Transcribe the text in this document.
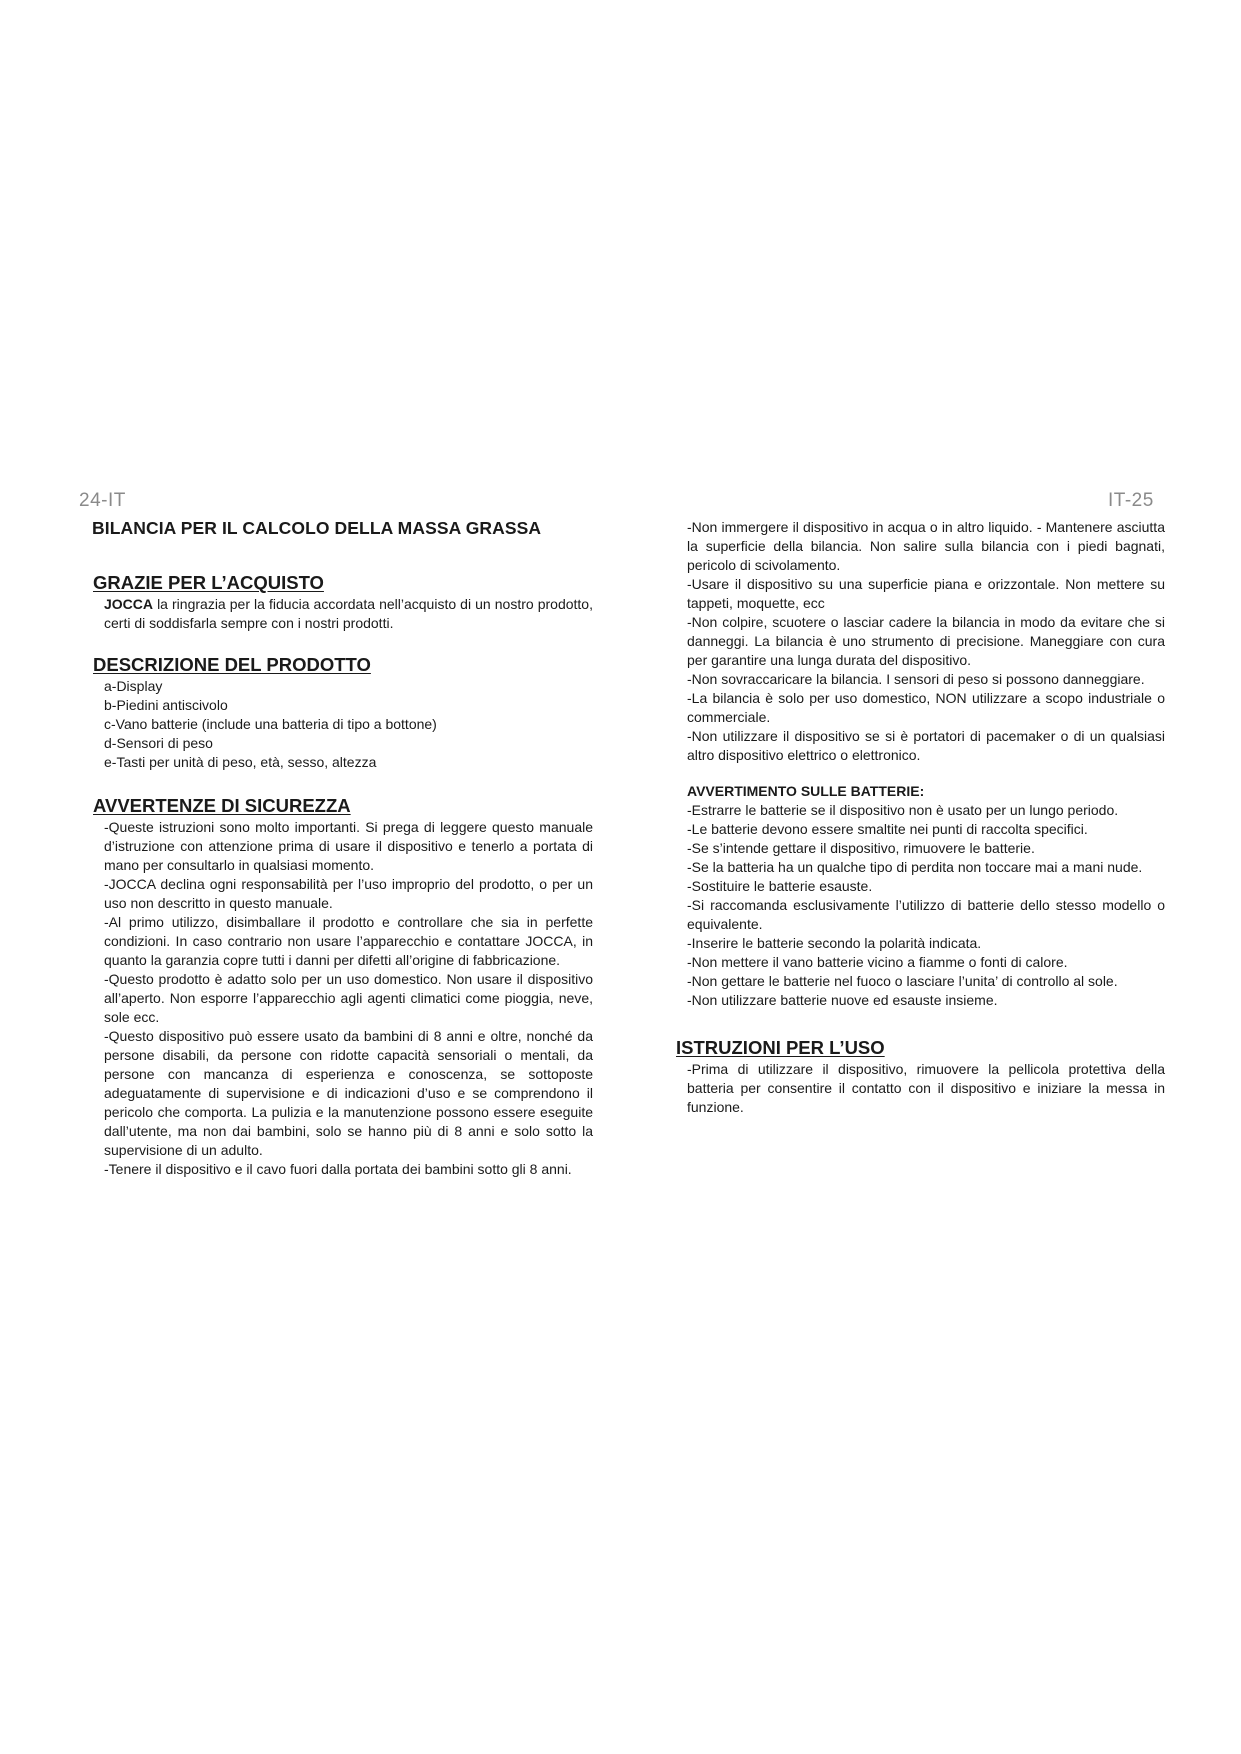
24-IT	IT-25
BILANCIA PER IL CALCOLO DELLA MASSA GRASSA
GRAZIE PER L’ACQUISTO

JOCCA la ringrazia per la fiducia accordata nell’acquisto di un nostro prodotto, certi di soddisfarla sempre con i nostri prodotti.

DESCRIZIONE DEL PRODOTTO

a-Display

b-Piedini antiscivolo

c-Vano batterie (include una batteria di tipo a bottone)

d-Sensori di peso

e-Tasti per unità di peso, età, sesso, altezza

AVVERTENZE DI SICUREZZA

-Queste istruzioni sono molto importanti. Si prega di leggere questo manuale d’istruzione con attenzione prima di usare il dispositivo e tenerlo a portata di mano per consultarlo in qualsiasi momento.

-JOCCA declina ogni responsabilità per l’uso improprio del prodotto, o per un uso non descritto in questo manuale.

-Al primo utilizzo, disimballare il prodotto e controllare che sia in perfette condizioni. In caso contrario non usare l’apparecchio e contattare JOCCA, in quanto la garanzia copre tutti i danni per difetti all’origine di fabbricazione.

-Questo prodotto è adatto solo per un uso domestico. Non usare il dispositivo all’aperto. Non esporre l’apparecchio agli agenti climatici come pioggia, neve, sole ecc.

-Questo dispositivo può essere usato da bambini di 8 anni e oltre, nonché da persone disabili, da persone con ridotte capacità sensoriali o mentali, da persone con mancanza di esperienza e conoscenza, se sottoposte adeguatamente di supervisione e di indicazioni d’uso e se comprendono il pericolo che comporta. La pulizia e la manutenzione possono essere eseguite dall’utente, ma non dai bambini, solo se hanno più di 8 anni e solo sotto la supervisione di un adulto.

-Tenere il dispositivo e il cavo fuori dalla portata dei bambini sotto gli 8 anni.

-Non immergere il dispositivo in acqua o in altro liquido. - Mantenere asciutta la superficie della bilancia. Non salire sulla bilancia con i piedi bagnati, pericolo di scivolamento.

-Usare il dispositivo su una superficie piana e orizzontale. Non mettere su tappeti, moquette, ecc

-Non colpire, scuotere o lasciar cadere la bilancia in modo da evitare che si danneggi. La bilancia è uno strumento di precisione. Maneggiare con cura per garantire una lunga durata del dispositivo.

-Non sovraccaricare la bilancia. I sensori di peso si possono danneggiare.

-La bilancia è solo per uso domestico, NON utilizzare a scopo industriale o commerciale.

-Non utilizzare il dispositivo se si è portatori di pacemaker o di un qualsiasi altro dispositivo elettrico o elettronico.

AVVERTIMENTO SULLE BATTERIE:

-Estrarre le batterie se il dispositivo non è usato per un lungo periodo.

-Le batterie devono essere smaltite nei punti di raccolta specifici.

-Se s’intende gettare il dispositivo, rimuovere le batterie.

-Se la batteria ha un qualche tipo di perdita non toccare mai a mani nude.

-Sostituire le batterie esauste.

-Si raccomanda esclusivamente l’utilizzo di batterie dello stesso modello o equivalente.

-Inserire le batterie secondo la polarità indicata.

-Non mettere il vano batterie vicino a fiamme o fonti di calore.

-Non gettare le batterie nel fuoco o lasciare l’unita’ di controllo al sole.

-Non utilizzare batterie nuove ed esauste insieme.

ISTRUZIONI PER L’USO

-Prima di utilizzare il dispositivo, rimuovere la pellicola protettiva della batteria per consentire il contatto con il dispositivo e iniziare la messa in funzione.
